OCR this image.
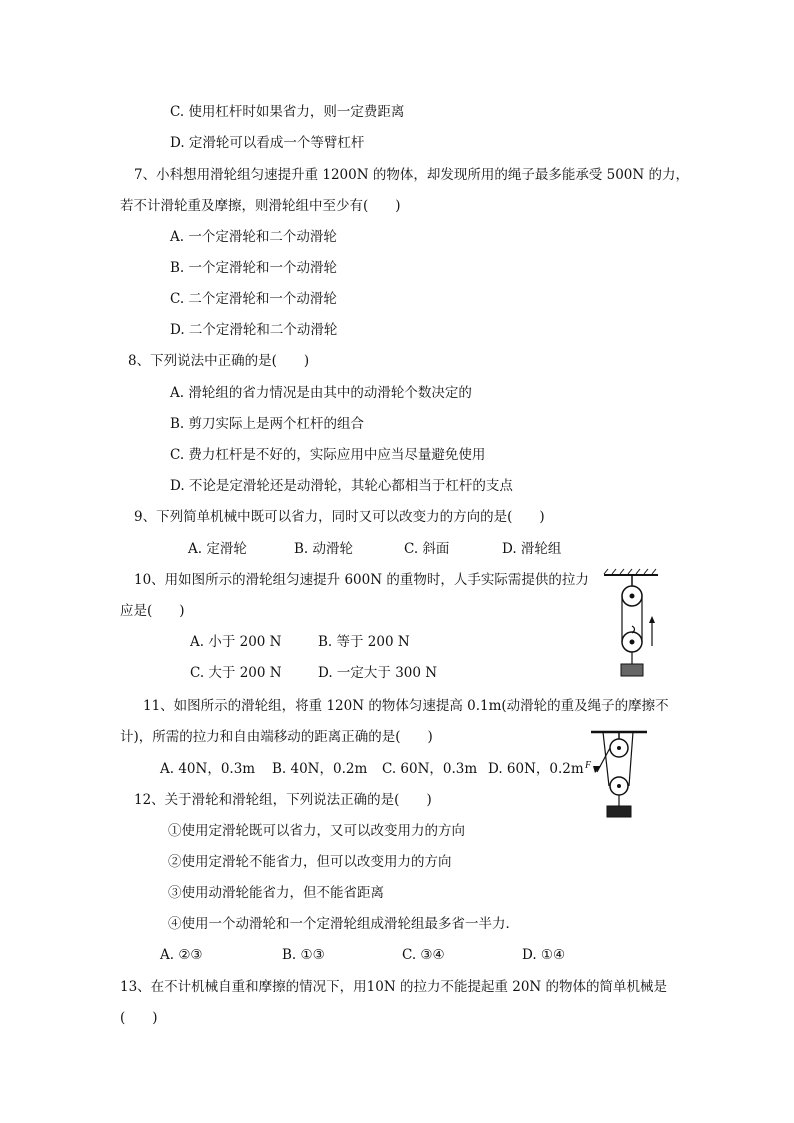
C. 使用杠杆时如果省力，则一定费距离
D. 定滑轮可以看成一个等臂杠杆
7、小科想用滑轮组匀速提升重 1200N 的物体，却发现所用的绳子最多能承受 500N 的力，
若不计滑轮重及摩擦，则滑轮组中至少有(　　)
A. 一个定滑轮和二个动滑轮
B. 一个定滑轮和一个动滑轮
C. 二个定滑轮和一个动滑轮
D. 二个定滑轮和二个动滑轮
8、下列说法中正确的是(　　)
A. 滑轮组的省力情况是由其中的动滑轮个数决定的
B. 剪刀实际上是两个杠杆的组合
C. 费力杠杆是不好的，实际应用中应当尽量避免使用
D. 不论是定滑轮还是动滑轮，其轮心都相当于杠杆的支点
9、下列简单机械中既可以省力，同时又可以改变力的方向的是(　　)
A. 定滑轮	B. 动滑轮	C. 斜面	D. 滑轮组
10、用如图所示的滑轮组匀速提升 600N 的重物时，人手实际需提供的拉力
应是(　　)
A. 小于 200 N	B. 等于 200 N
C. 大于 200 N	D. 一定大于 300 N
11、如图所示的滑轮组，将重 120N 的物体匀速提高 0.1m(动滑轮的重及绳子的摩擦不
计)，所需的拉力和自由端移动的距离正确的是(　　)
A. 40N，0.3m B. 40N，0.2m C. 60N，0.3m D. 60N，0.2m F
12、关于滑轮和滑轮组，下列说法正确的是(　　)
①使用定滑轮既可以省力，又可以改变用力的方向
②使用定滑轮不能省力，但可以改变用力的方向
③使用动滑轮能省力，但不能省距离
④使用一个动滑轮和一个定滑轮组成滑轮组最多省一半力．
A. ②③	B. ①③	C. ③④	D. ①④
13、在不计机械自重和摩擦的情况下，用10N 的拉力不能提起重 20N 的物体的简单机械是
(　　)
